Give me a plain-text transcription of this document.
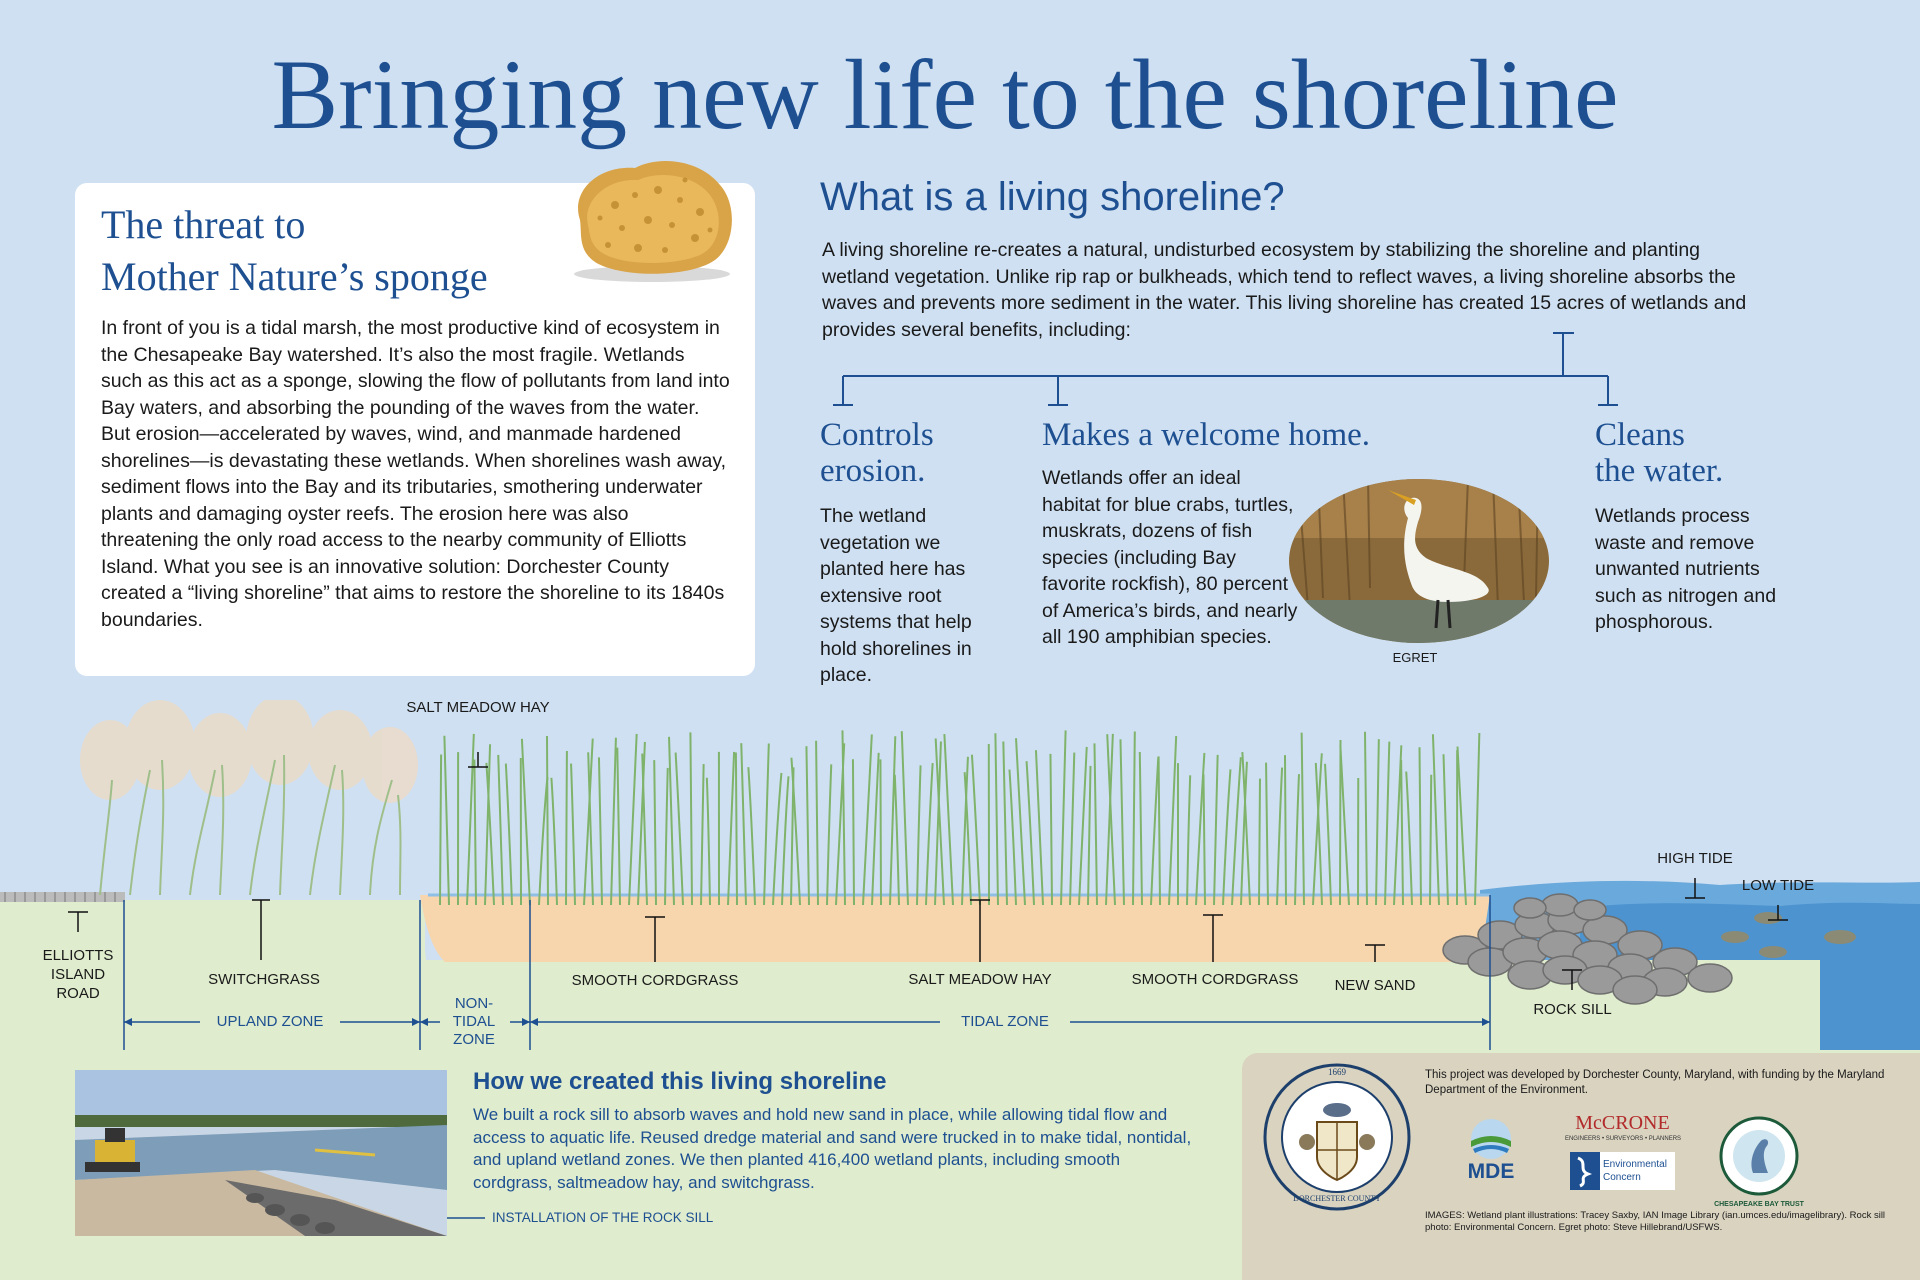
Bringing new life to the shoreline
The threat to
Mother Nature’s sponge

In front of you is a tidal marsh, the most productive kind of ecosystem in the Chesapeake Bay watershed. It’s also the most fragile. Wetlands such as this act as a sponge, slowing the flow of pollutants from land into Bay waters, and absorbing the pounding of the waves from the water. But erosion—accelerated by waves, wind, and manmade hardened shorelines—is devastating these wetlands. When shorelines wash away, sediment flows into the Bay and its tributaries, smothering underwater plants and damaging oyster reefs. The erosion here was also threatening the only road access to the nearby community of Elliotts Island. What you see is an innovative solution: Dorchester County created a “living shoreline” that aims to restore the shoreline to its 1840s boundaries.

What is a living shoreline?

A living shoreline re-creates a natural, undisturbed ecosystem by stabilizing the shoreline and planting wetland vegetation. Unlike rip rap or bulkheads, which tend to reflect waves, a living shoreline absorbs the waves and prevents more sediment in the water. This living shoreline has created 15 acres of wetlands and provides several benefits, including:

Controls
erosion.

The wetland vegetation we planted here has extensive root systems that help hold shorelines in place.

Makes a welcome home.

Wetlands offer an ideal habitat for blue crabs, turtles, muskrats, dozens of fish species (including Bay favorite rockfish), 80 percent of America’s birds, and nearly all 190 amphibian species.

EGRET
Cleans
the water.

Wetlands process waste and remove unwanted nutrients such as nitrogen and phosphorous.

SALT MEADOW HAY
ELLIOTTS
ISLAND
ROAD
SWITCHGRASS	SMOOTH CORDGRASS	SALT MEADOW HAY	SMOOTH CORDGRASS	NEW SAND
ROCK SILL
HIGH TIDE
LOW TIDE
UPLAND ZONE
NON-
TIDAL
ZONE
TIDAL ZONE
How we created this living shoreline

We built a rock sill to absorb waves and hold new sand in place, while allowing tidal flow and access to aquatic life. Reused dredge material and sand were trucked in to make tidal, nontidal, and upland wetland zones. We then planted 416,400 wetland plants, including smooth cordgrass, saltmeadow hay, and switchgrass.

INSTALLATION OF THE ROCK SILL
1669
DORCHESTER COUNTY
This project was developed by Dorchester County, Maryland, with funding by the Maryland Department of the Environment.
MDE
McCRONE
ENGINEERS • SURVEYORS • PLANNERS
Environmental
Concern
CHESAPEAKE BAY TRUST
IMAGES: Wetland plant illustrations: Tracey Saxby, IAN Image Library (ian.umces.edu/imagelibrary). Rock sill photo: Environmental Concern. Egret photo: Steve Hillebrand/USFWS.
